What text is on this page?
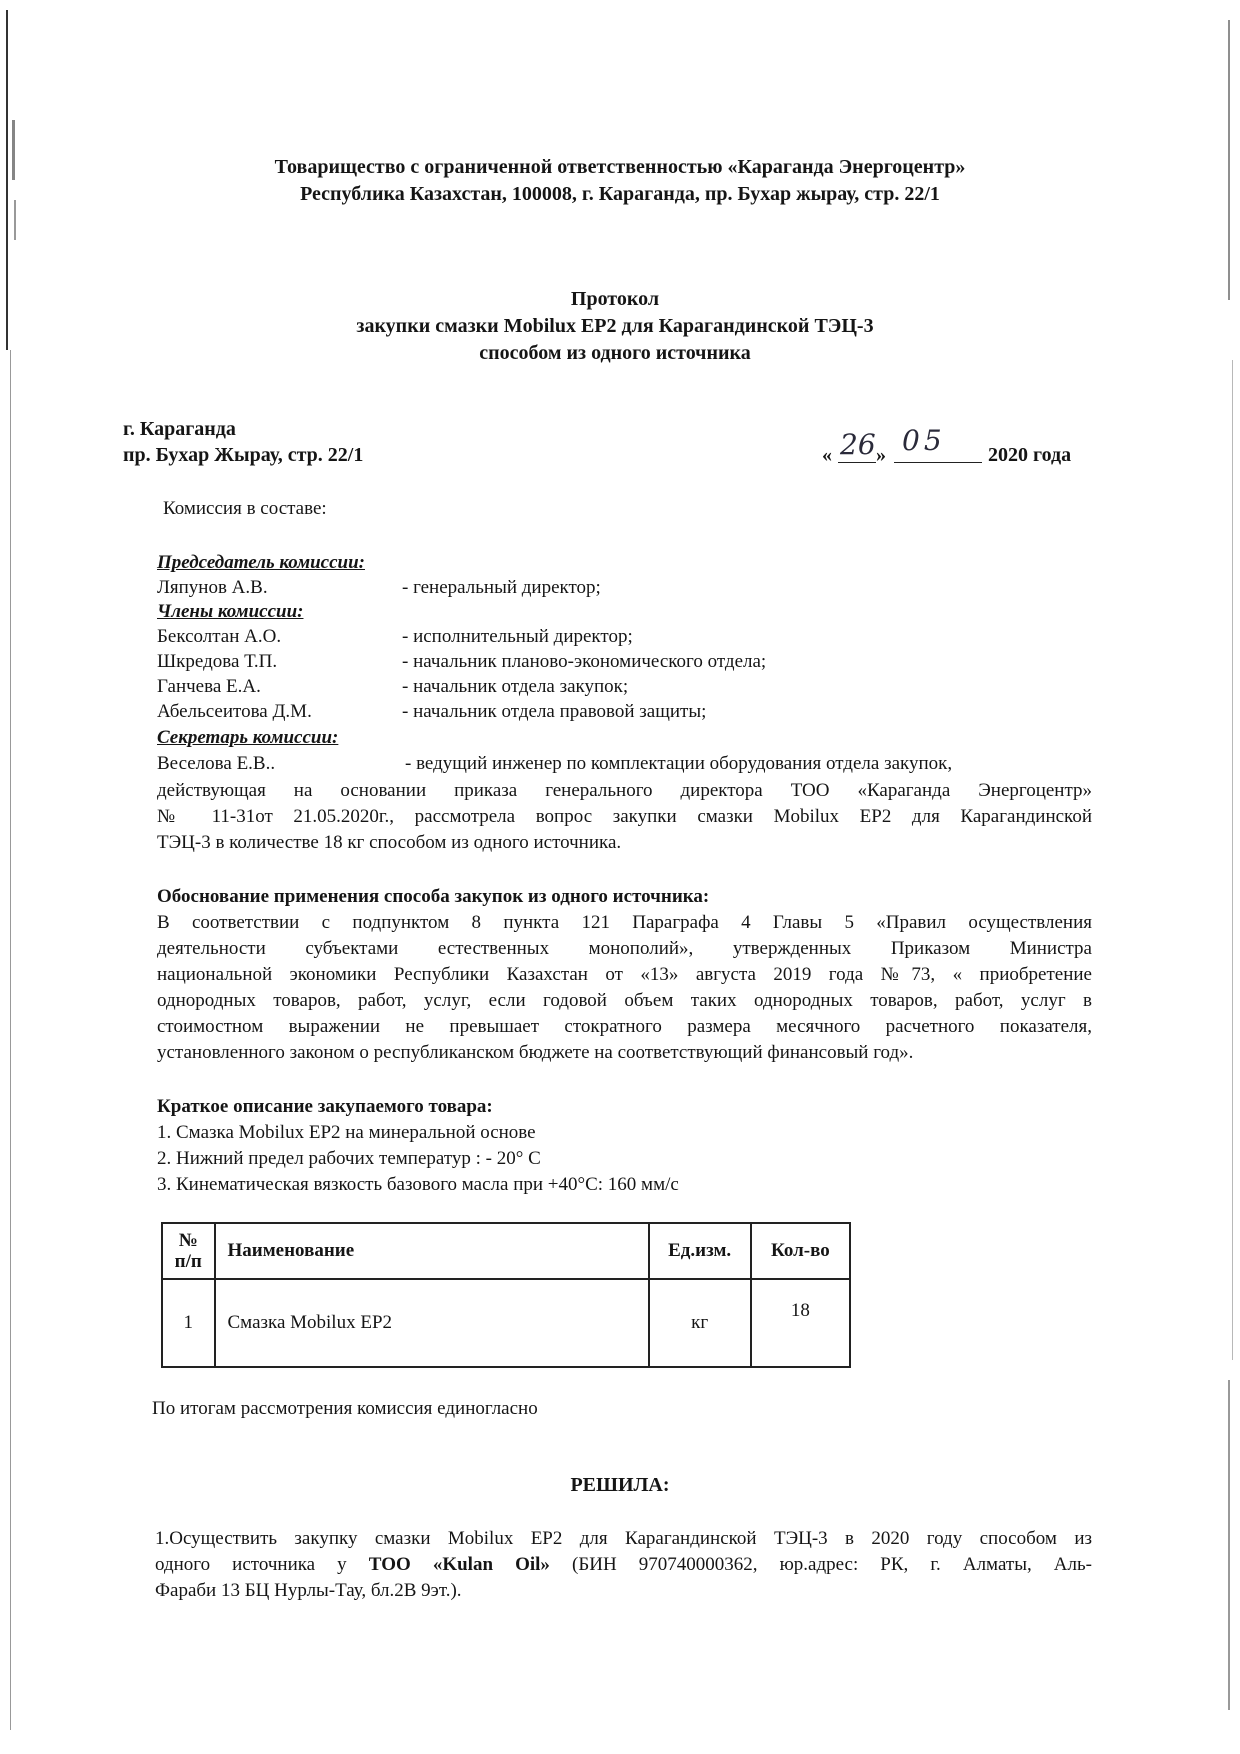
Товарищество с ограниченной ответственностью «Караганда Энергоцентр»
Республика Казахстан, 100008, г. Караганда, пр. Бухар жырау, стр. 22/1
Протокол
закупки смазки Mobilux EP2 для Карагандинской ТЭЦ-3
способом из одного источника
г. Караганда
пр. Бухар Жырау, стр. 22/1	« 26 » 05 2020 года
Комиссия в составе:
Председатель комиссии:
Ляпунов А.В.	- генеральный директор;
Члены комиссии:
Бексолтан А.О.	- исполнительный директор;
Шкредова Т.П.	- начальник планово-экономического отдела;
Ганчева Е.А.	- начальник отдела закупок;
Абельсеитова Д.М.	- начальник отдела правовой защиты;
Секретарь комиссии:
Веселова Е.В..	- ведущий инженер по комплектации оборудования отдела закупок,
действующая на основании приказа генерального директора ТОО «Караганда Энергоцентр»
№ 11-31от 21.05.2020г., рассмотрела вопрос закупки смазки Mobilux EP2 для Карагандинской
ТЭЦ-3 в количестве 18 кг способом из одного источника.
Обоснование применения способа закупок из одного источника:
В соответствии с подпунктом 8 пункта 121 Параграфа 4 Главы 5 «Правил осуществления
деятельности субъектами естественных монополий», утвержденных Приказом Министра
национальной экономики Республики Казахстан от «13» августа 2019 года №73, « приобретение
однородных товаров, работ, услуг, если годовой объем таких однородных товаров, работ, услуг в
стоимостном выражении не превышает стократного размера месячного расчетного показателя,
установленного законом о республиканском бюджете на соответствующий финансовый год».
Краткое описание закупаемого товара:
1. Смазка Mobilux EP2 на минеральной основе
2. Нижний предел рабочих температур : - 20° С
3. Кинематическая вязкость базового масла при +40°С: 160 мм/с
№
п/п	Наименование	Ед.изм.	Кол-во
1	Смазка Mobilux EP2	кг	18
По итогам рассмотрения комиссия единогласно
РЕШИЛА:
1.Осуществить закупку смазки Mobilux EP2 для Карагандинской ТЭЦ-3 в 2020 году способом из
одного источника у ТОО «Kulan Oil» (БИН 970740000362, юр.адрес: РК, г. Алматы, Аль-
Фараби 13 БЦ Нурлы-Тау, бл.2В 9эт.).
